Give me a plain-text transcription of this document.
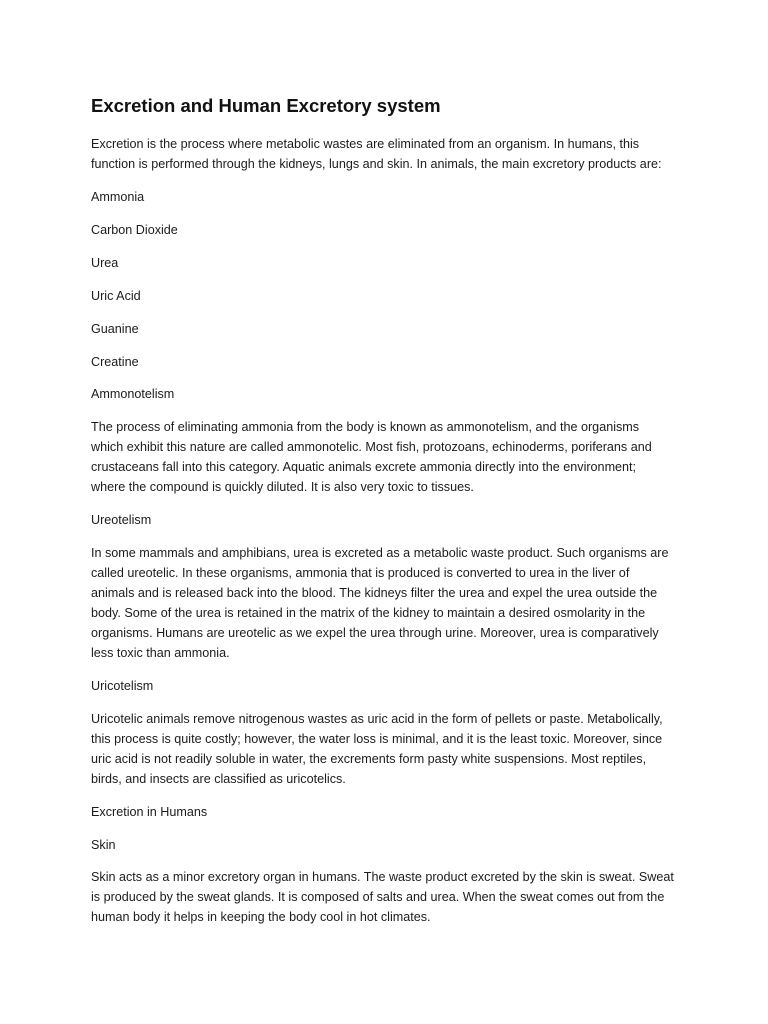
Excretion and Human Excretory system

Excretion is the process where metabolic wastes are eliminated from an organism. In humans, this
function is performed through the kidneys, lungs and skin. In animals, the main excretory products are:

Ammonia

Carbon Dioxide

Urea

Uric Acid

Guanine

Creatine

Ammonotelism

The process of eliminating ammonia from the body is known as ammonotelism, and the organisms
which exhibit this nature are called ammonotelic. Most fish, protozoans, echinoderms, poriferans and
crustaceans fall into this category. Aquatic animals excrete ammonia directly into the environment;
where the compound is quickly diluted. It is also very toxic to tissues.

Ureotelism

In some mammals and amphibians, urea is excreted as a metabolic waste product. Such organisms are
called ureotelic. In these organisms, ammonia that is produced is converted to urea in the liver of
animals and is released back into the blood. The kidneys filter the urea and expel the urea outside the
body. Some of the urea is retained in the matrix of the kidney to maintain a desired osmolarity in the
organisms. Humans are ureotelic as we expel the urea through urine. Moreover, urea is comparatively
less toxic than ammonia.

Uricotelism

Uricotelic animals remove nitrogenous wastes as uric acid in the form of pellets or paste. Metabolically,
this process is quite costly; however, the water loss is minimal, and it is the least toxic. Moreover, since
uric acid is not readily soluble in water, the excrements form pasty white suspensions. Most reptiles,
birds, and insects are classified as uricotelics.

Excretion in Humans

Skin

Skin acts as a minor excretory organ in humans. The waste product excreted by the skin is sweat. Sweat
is produced by the sweat glands. It is composed of salts and urea. When the sweat comes out from the
human body it helps in keeping the body cool in hot climates.
